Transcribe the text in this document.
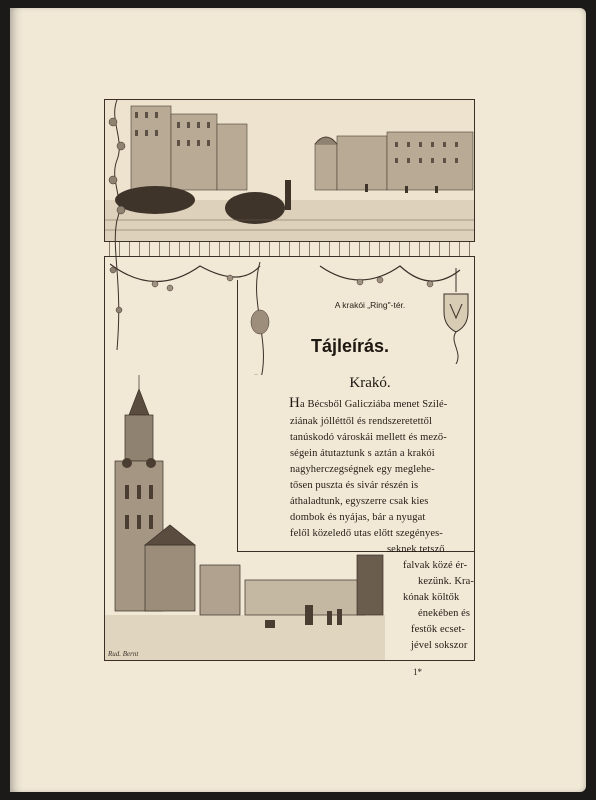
A krakói „Ring"-tér.
Tájleírás.
Krakó.
a Bécsből Galicziába menet Szilé-
ziának jólléttől és rendszeretettől
tanúskodó városkái mellett és mező-
ségein átutaztunk s aztán a krakói
nagyherczegségnek egy meglehe-
tősen puszta és sivár részén is
áthaladtunk, egyszerre csak kies
dombok és nyájas, bár a nyugat
felől közeledő utas előtt szegényes-
seknek tetsző
falvak közé ér-
kezünk. Kra-
kónak költők
énekében és
festők ecset-
jével sokszor
H
Rud. Bernt
1*
